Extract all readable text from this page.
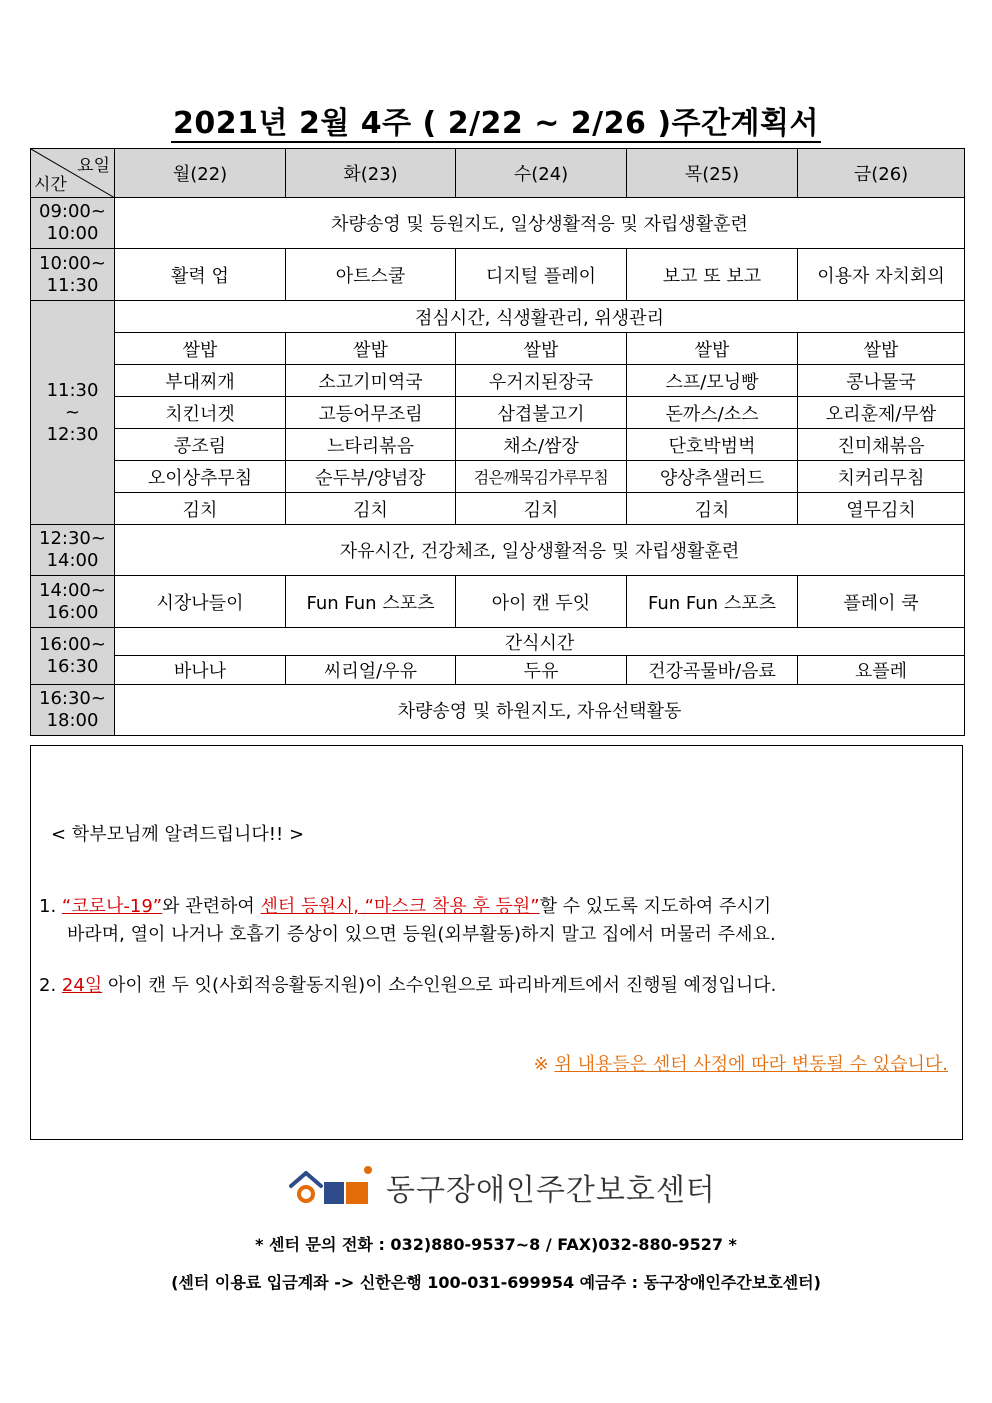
2021년 2월 4주 ( 2/22 ~ 2/26 )주간계획서
요일
시간	월(22)	화(23)	수(24)	목(25)	금(26)
09:00~
10:00	차량송영 및 등원지도, 일상생활적응 및 자립생활훈련				
10:00~
11:30	활력 업	아트스쿨	디지털 플레이	보고 또 보고	이용자 자치회의
11:30
~
12:30	점심시간, 식생활관리, 위생관리				
	쌀밥	쌀밥	쌀밥	쌀밥	쌀밥
	부대찌개	소고기미역국	우거지된장국	스프/모닝빵	콩나물국
	치킨너겟	고등어무조림	삼겹불고기	돈까스/소스	오리훈제/무쌈
	콩조림	느타리볶음	채소/쌈장	단호박범벅	진미채볶음
	오이상추무침	순두부/양념장	검은깨묵김가루무침	양상추샐러드	치커리무침
	김치	김치	김치	김치	열무김치
12:30~
14:00	자유시간, 건강체조, 일상생활적응 및 자립생활훈련				
14:00~
16:00	시장나들이	Fun Fun 스포츠	아이 캔 두잇	Fun Fun 스포츠	플레이 쿡
16:00~
16:30	간식시간				
	바나나	씨리얼/우유	두유	건강곡물바/음료	요플레
16:30~
18:00	차량송영 및 하원지도, 자유선택활동				
< 학부모님께 알려드립니다!! >
1. “코로나-19”와 관련하여 센터 등원시, “마스크 착용 후 등원”할 수 있도록 지도하여 주시기
바라며, 열이 나거나 호흡기 증상이 있으면 등원(외부활동)하지 말고 집에서 머물러 주세요.
2. 24일 아이 캔 두 잇(사회적응활동지원)이 소수인원으로 파리바게트에서 진행될 예정입니다.
※ 위 내용들은 센터 사정에 따라 변동될 수 있습니다.
동구장애인주간보호센터
* 센터 문의 전화 : 032)880-9537~8 / FAX)032-880-9527 *
(센터 이용료 입금계좌 -> 신한은행 100-031-699954 예금주 : 동구장애인주간보호센터)
